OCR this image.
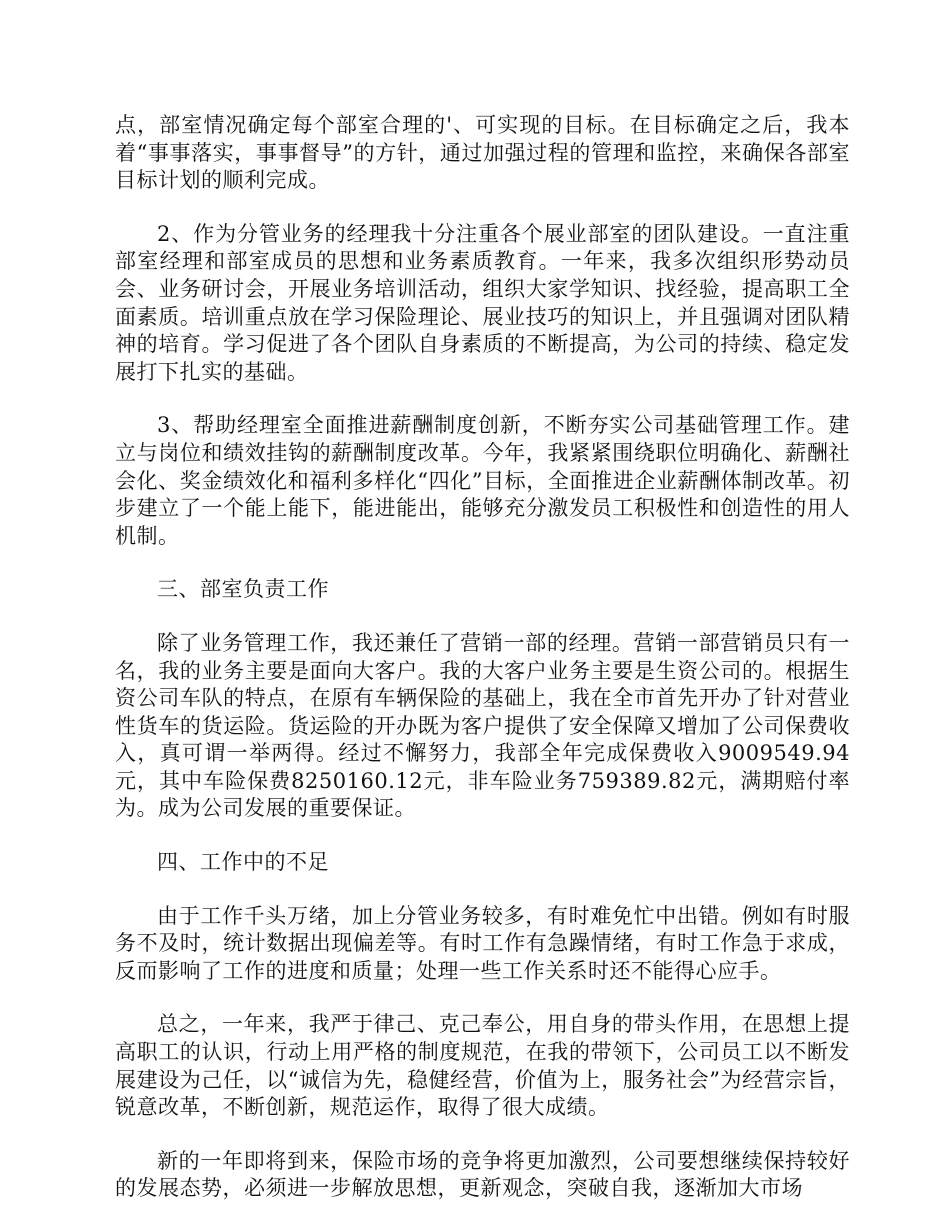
点，部室情况确定每个部室合理的'、可实现的目标。在目标确定之后，我本着“事事落实，事事督导”的方针，通过加强过程的管理和监控，来确保各部室目标计划的顺利完成。

2、作为分管业务的经理我十分注重各个展业部室的团队建设。一直注重部室经理和部室成员的思想和业务素质教育。一年来，我多次组织形势动员会、业务研讨会，开展业务培训活动，组织大家学知识、找经验，提高职工全面素质。培训重点放在学习保险理论、展业技巧的知识上，并且强调对团队精神的培育。学习促进了各个团队自身素质的不断提高，为公司的持续、稳定发展打下扎实的基础。

3、帮助经理室全面推进薪酬制度创新，不断夯实公司基础管理工作。建立与岗位和绩效挂钩的薪酬制度改革。今年，我紧紧围绕职位明确化、薪酬社会化、奖金绩效化和福利多样化“四化”目标，全面推进企业薪酬体制改革。初步建立了一个能上能下，能进能出，能够充分激发员工积极性和创造性的用人机制。

三、部室负责工作

除了业务管理工作，我还兼任了营销一部的经理。营销一部营销员只有一名，我的业务主要是面向大客户。我的大客户业务主要是生资公司的。根据生资公司车队的特点，在原有车辆保险的基础上，我在全市首先开办了针对营业性货车的货运险。货运险的开办既为客户提供了安全保障又增加了公司保费收入，真可谓一举两得。经过不懈努力，我部全年完成保费收入9009549.94元，其中车险保费8250160.12元，非车险业务759389.82元，满期赔付率为。成为公司发展的重要保证。

四、工作中的不足

由于工作千头万绪，加上分管业务较多，有时难免忙中出错。例如有时服务不及时，统计数据出现偏差等。有时工作有急躁情绪，有时工作急于求成，反而影响了工作的进度和质量；处理一些工作关系时还不能得心应手。

总之，一年来，我严于律己、克己奉公，用自身的带头作用，在思想上提高职工的认识，行动上用严格的制度规范，在我的带领下，公司员工以不断发展建设为己任，以“诚信为先，稳健经营，价值为上，服务社会”为经营宗旨，锐意改革，不断创新，规范运作，取得了很大成绩。

新的一年即将到来，保险市场的竞争将更加激烈，公司要想继续保持较好的发展态势，必须进一步解放思想，更新观念，突破自我，逐渐加大市场
